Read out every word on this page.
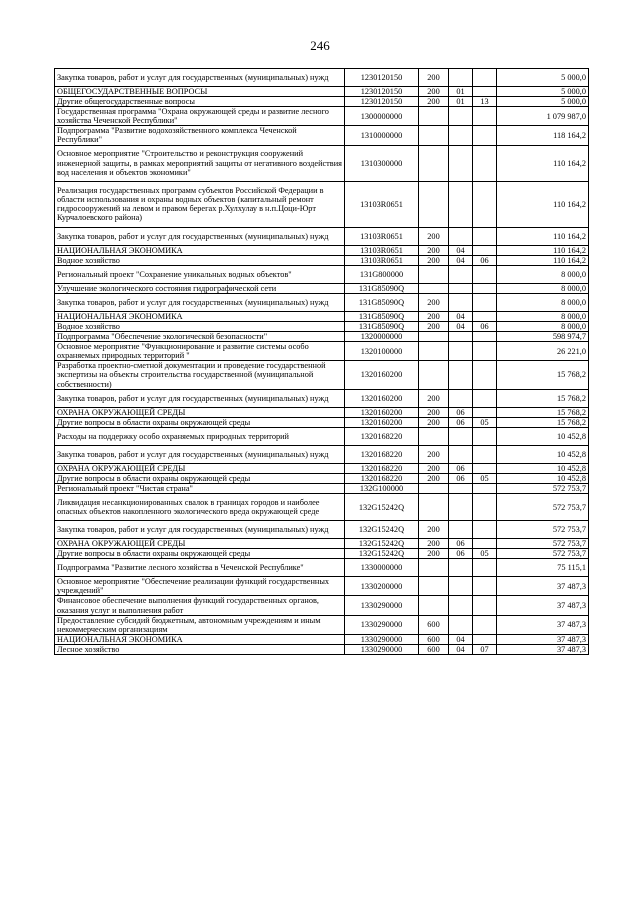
246
Закупка товаров, работ и услуг для государственных (муниципальных) нужд	1230120150	200			5 000,0
ОБЩЕГОСУДАРСТВЕННЫЕ ВОПРОСЫ	1230120150	200	01		5 000,0
Другие общегосударственные вопросы	1230120150	200	01	13	5 000,0
Государственная программа "Охрана окружающей среды и развитие лесного хозяйства Чеченской Республики"	1300000000				1 079 987,0
Подпрограмма "Развитие водохозяйственного комплекса Чеченской Республики"	1310000000				118 164,2
Основное мероприятие "Строительство и реконструкция сооружений инженерной защиты, в рамках мероприятий защиты от негативного воздействия вод населения и объектов экономики"	1310300000				110 164,2
Реализация государственных программ субъектов Российской Федерации в области использования и охраны водных объектов (капитальный ремонт гидросооружений на левом и правом берегах р.Хулхулау в н.п.Цоци-Юрт Курчалоевского района)	13103R0651				110 164,2
Закупка товаров, работ и услуг для государственных (муниципальных) нужд	13103R0651	200			110 164,2
НАЦИОНАЛЬНАЯ ЭКОНОМИКА	13103R0651	200	04		110 164,2
Водное хозяйство	13103R0651	200	04	06	110 164,2
Региональный проект "Сохранение уникальных водных объектов"	131G800000				8 000,0
Улучшение экологического состояния гидрографической сети	131G85090Q				8 000,0
Закупка товаров, работ и услуг для государственных (муниципальных) нужд	131G85090Q	200			8 000,0
НАЦИОНАЛЬНАЯ ЭКОНОМИКА	131G85090Q	200	04		8 000,0
Водное хозяйство	131G85090Q	200	04	06	8 000,0
Подпрограмма "Обеспечение экологической безопасности"	1320000000				598 974,7
Основное мероприятие "Функционирование и развитие системы особо охраняемых природных территорий "	1320100000				26 221,0
Разработка проектно-сметной документации и проведение государственной экспертизы на объекты строительства государственной (муниципальной собственности)	1320160200				15 768,2
Закупка товаров, работ и услуг для государственных (муниципальных) нужд	1320160200	200			15 768,2
ОХРАНА ОКРУЖАЮЩЕЙ СРЕДЫ	1320160200	200	06		15 768,2
Другие вопросы в области охраны окружающей среды	1320160200	200	06	05	15 768,2
Расходы на поддержку особо охраняемых природных территорий	1320168220				10 452,8
Закупка товаров, работ и услуг для государственных (муниципальных) нужд	1320168220	200			10 452,8
ОХРАНА ОКРУЖАЮЩЕЙ СРЕДЫ	1320168220	200	06		10 452,8
Другие вопросы в области охраны окружающей среды	1320168220	200	06	05	10 452,8
Региональный проект "Чистая страна"	132G100000				572 753,7
Ликвидация несанкционированных свалок в границах городов и наиболее опасных объектов накопленного экологического вреда окружающей среде	132G15242Q				572 753,7
Закупка товаров, работ и услуг для государственных (муниципальных) нужд	132G15242Q	200			572 753,7
ОХРАНА ОКРУЖАЮЩЕЙ СРЕДЫ	132G15242Q	200	06		572 753,7
Другие вопросы в области охраны окружающей среды	132G15242Q	200	06	05	572 753,7
Подпрограмма "Развитие лесного хозяйства в Чеченской Республике"	1330000000				75 115,1
Основное мероприятие "Обеспечение реализации функций государственных учреждений"	1330200000				37 487,3
Финансовое обеспечение выполнения функций государственных органов, оказания услуг и выполнения работ	1330290000				37 487,3
Предоставление субсидий бюджетным, автономным учреждениям и иным некоммерческим организациям	1330290000	600			37 487,3
НАЦИОНАЛЬНАЯ ЭКОНОМИКА	1330290000	600	04		37 487,3
Лесное хозяйство	1330290000	600	04	07	37 487,3
